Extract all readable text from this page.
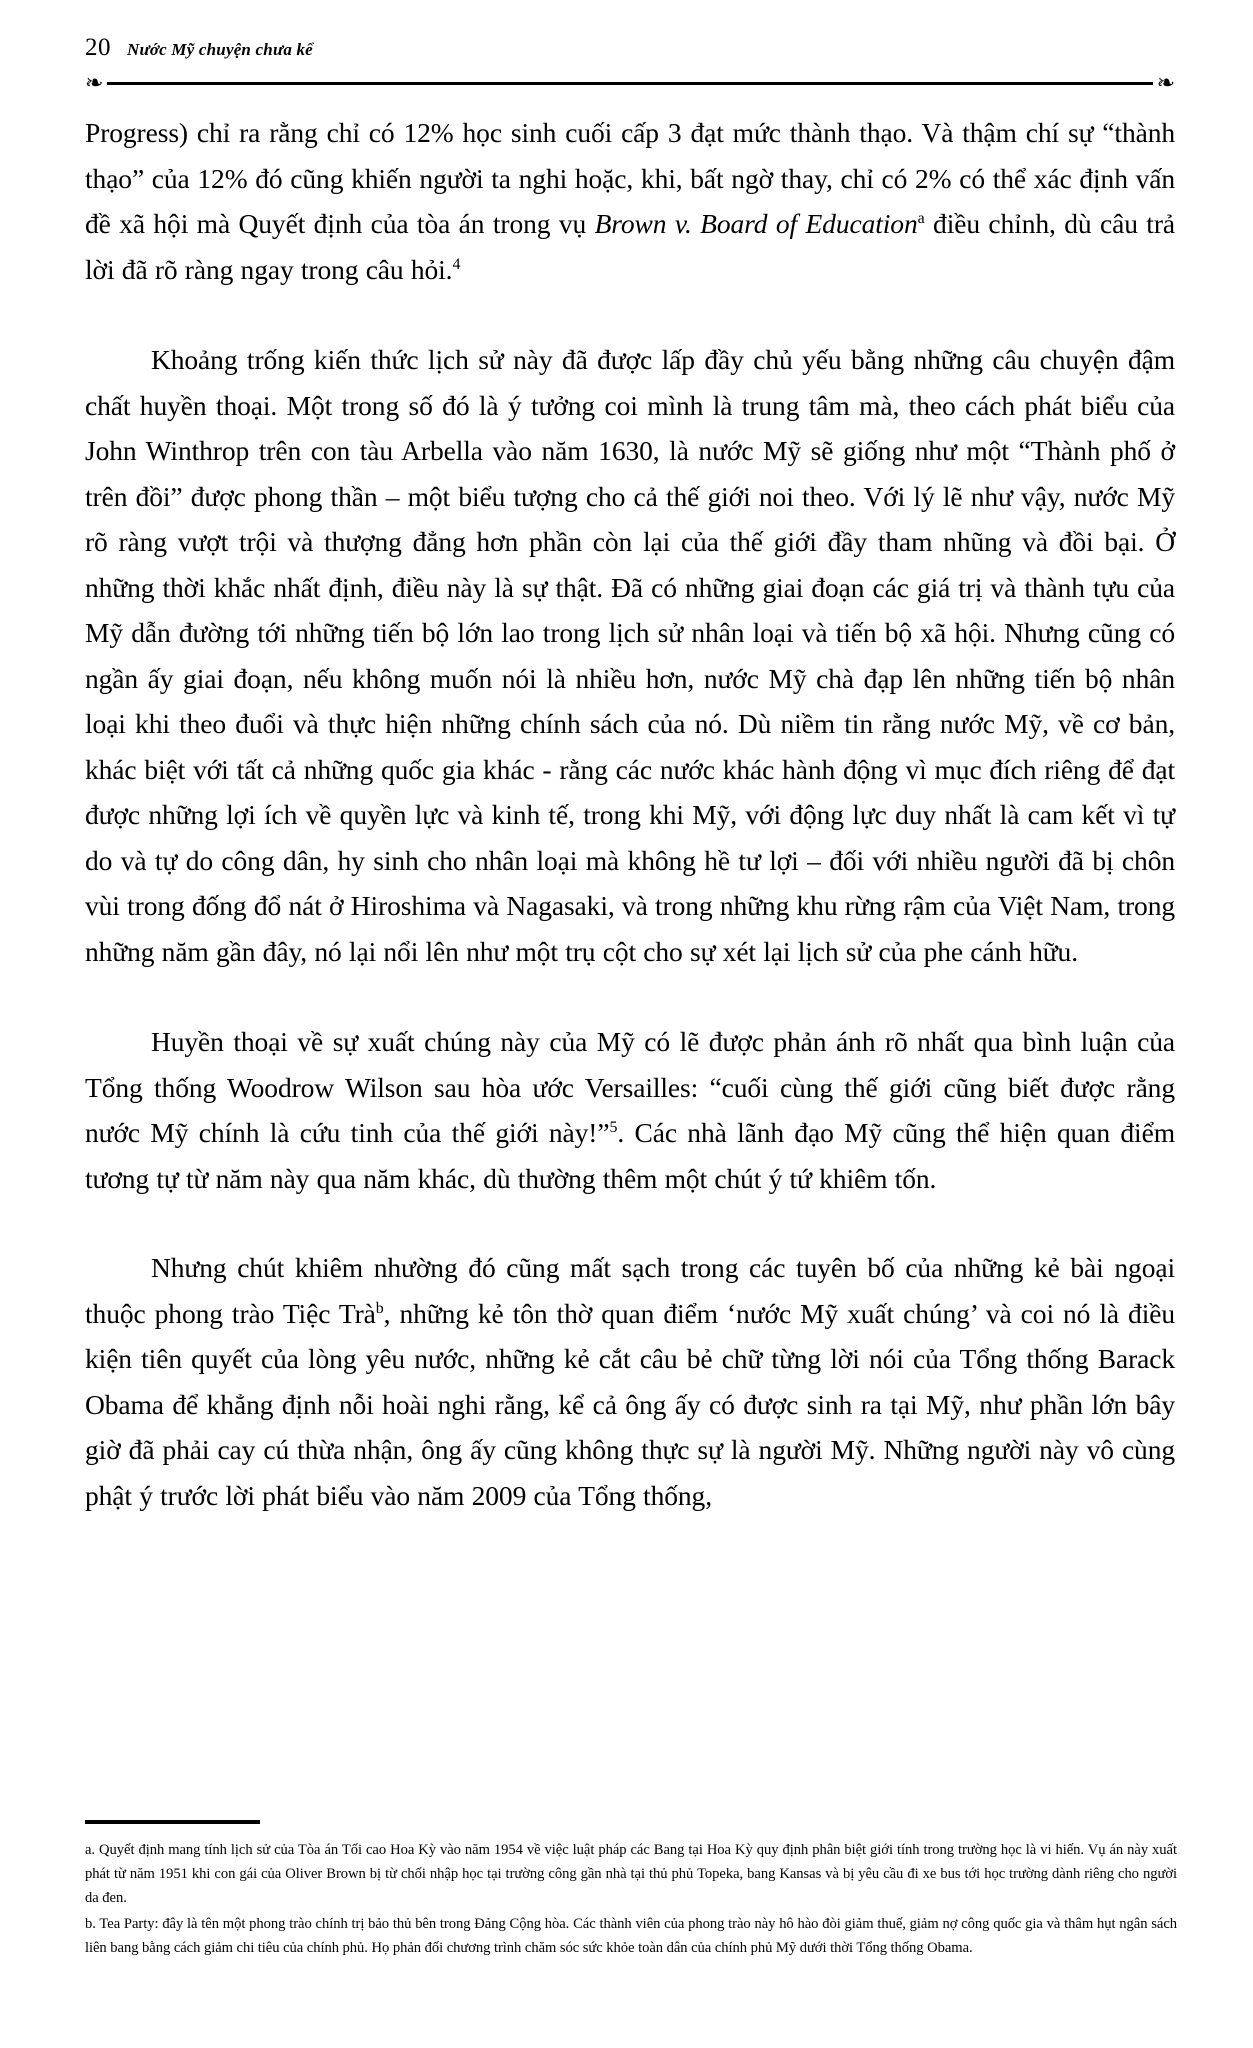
20 Nước Mỹ chuyện chưa kể
❧	❧

Progress) chỉ ra rằng chỉ có 12% học sinh cuối cấp 3 đạt mức thành thạo. Và thậm chí sự “thành thạo” của 12% đó cũng khiến người ta nghi hoặc, khi, bất ngờ thay, chỉ có 2% có thể xác định vấn đề xã hội mà Quyết định của tòa án trong vụ Brown v. Board of Education$^a$ điều chỉnh, dù câu trả lời đã rõ ràng ngay trong câu hỏi.$^4$

Khoảng trống kiến thức lịch sử này đã được lấp đầy chủ yếu bằng những câu chuyện đậm chất huyền thoại. Một trong số đó là ý tưởng coi mình là trung tâm mà, theo cách phát biểu của John Winthrop trên con tàu Arbella vào năm 1630, là nước Mỹ sẽ giống như một “Thành phố ở trên đồi” được phong thần – một biểu tượng cho cả thế giới noi theo. Với lý lẽ như vậy, nước Mỹ rõ ràng vượt trội và thượng đẳng hơn phần còn lại của thế giới đầy tham nhũng và đồi bại. Ở những thời khắc nhất định, điều này là sự thật. Đã có những giai đoạn các giá trị và thành tựu của Mỹ dẫn đường tới những tiến bộ lớn lao trong lịch sử nhân loại và tiến bộ xã hội. Nhưng cũng có ngần ấy giai đoạn, nếu không muốn nói là nhiều hơn, nước Mỹ chà đạp lên những tiến bộ nhân loại khi theo đuổi và thực hiện những chính sách của nó. Dù niềm tin rằng nước Mỹ, về cơ bản, khác biệt với tất cả những quốc gia khác - rằng các nước khác hành động vì mục đích riêng để đạt được những lợi ích về quyền lực và kinh tế, trong khi Mỹ, với động lực duy nhất là cam kết vì tự do và tự do công dân, hy sinh cho nhân loại mà không hề tư lợi – đối với nhiều người đã bị chôn vùi trong đống đổ nát ở Hiroshima và Nagasaki, và trong những khu rừng rậm của Việt Nam, trong những năm gần đây, nó lại nổi lên như một trụ cột cho sự xét lại lịch sử của phe cánh hữu.

Huyền thoại về sự xuất chúng này của Mỹ có lẽ được phản ánh rõ nhất qua bình luận của Tổng thống Woodrow Wilson sau hòa ước Versailles: “cuối cùng thế giới cũng biết được rằng nước Mỹ chính là cứu tinh của thế giới này!”$^5$. Các nhà lãnh đạo Mỹ cũng thể hiện quan điểm tương tự từ năm này qua năm khác, dù thường thêm một chút ý tứ khiêm tốn.

Nhưng chút khiêm nhường đó cũng mất sạch trong các tuyên bố của những kẻ bài ngoại thuộc phong trào Tiệc Trà$^b$, những kẻ tôn thờ quan điểm ‘nước Mỹ xuất chúng’ và coi nó là điều kiện tiên quyết của lòng yêu nước, những kẻ cắt câu bẻ chữ từng lời nói của Tổng thống Barack Obama để khẳng định nỗi hoài nghi rằng, kể cả ông ấy có được sinh ra tại Mỹ, như phần lớn bây giờ đã phải cay cú thừa nhận, ông ấy cũng không thực sự là người Mỹ. Những người này vô cùng phật ý trước lời phát biểu vào năm 2009 của Tổng thống,

a. Quyết định mang tính lịch sử của Tòa án Tối cao Hoa Kỳ vào năm 1954 về việc luật pháp các Bang tại Hoa Kỳ quy định phân biệt giới tính trong trường học là vi hiến. Vụ án này xuất phát từ năm 1951 khi con gái của Oliver Brown bị từ chối nhập học tại trường công gần nhà tại thủ phủ Topeka, bang Kansas và bị yêu cầu đi xe bus tới học trường dành riêng cho người da đen.

b. Tea Party: đây là tên một phong trào chính trị bảo thủ bên trong Đảng Cộng hòa. Các thành viên của phong trào này hô hào đòi giảm thuế, giảm nợ công quốc gia và thâm hụt ngân sách liên bang bằng cách giảm chi tiêu của chính phủ. Họ phản đối chương trình chăm sóc sức khỏe toàn dân của chính phủ Mỹ dưới thời Tổng thống Obama.
